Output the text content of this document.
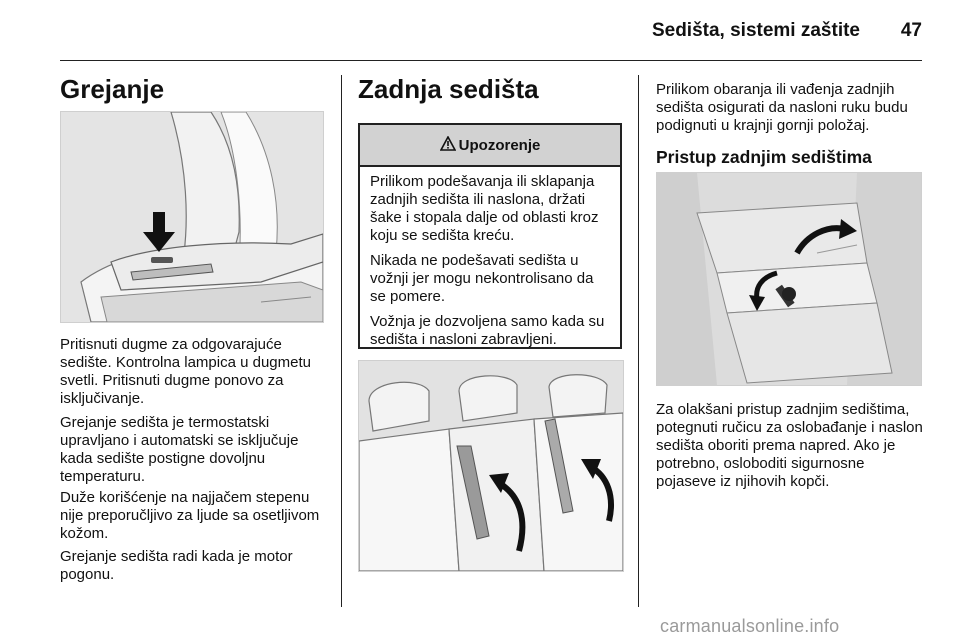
Sedišta, sistemi zaštite	47
Grejanje
Pritisnuti dugme za odgovarajuće sedište. Kontrolna lampica u dugmetu svetli. Pritisnuti dugme ponovo za isključivanje.
Grejanje sedišta je termostatski upravljano i automatski se isključuje kada sedište postigne dovoljnu temperaturu.
Duže korišćenje na najjačem stepenu nije preporučljivo za ljude sa osetljivom kožom.
Grejanje sedišta radi kada je motor pogonu.
Zadnja sedišta
Upozorenje

Prilikom podešavanja ili sklapanja zadnjih sedišta ili naslona, držati šake i stopala dalje od oblasti kroz koju se sedišta kreću.

Nikada ne podešavati sedišta u vožnji jer mogu nekontrolisano da se pomere.

Vožnja je dozvoljena samo kada su sedišta i nasloni zabravljeni.

Prilikom obaranja ili vađenja zadnjih sedišta osigurati da nasloni ruku budu podignuti u krajnji gornji položaj.
Pristup zadnjim sedištima
Za olakšani pristup zadnjim sedištima, potegnuti ručicu za oslobađanje i naslon sedišta oboriti prema napred. Ako je potrebno, osloboditi sigurnosne pojaseve iz njihovih kopči.
carmanualsonline.info
